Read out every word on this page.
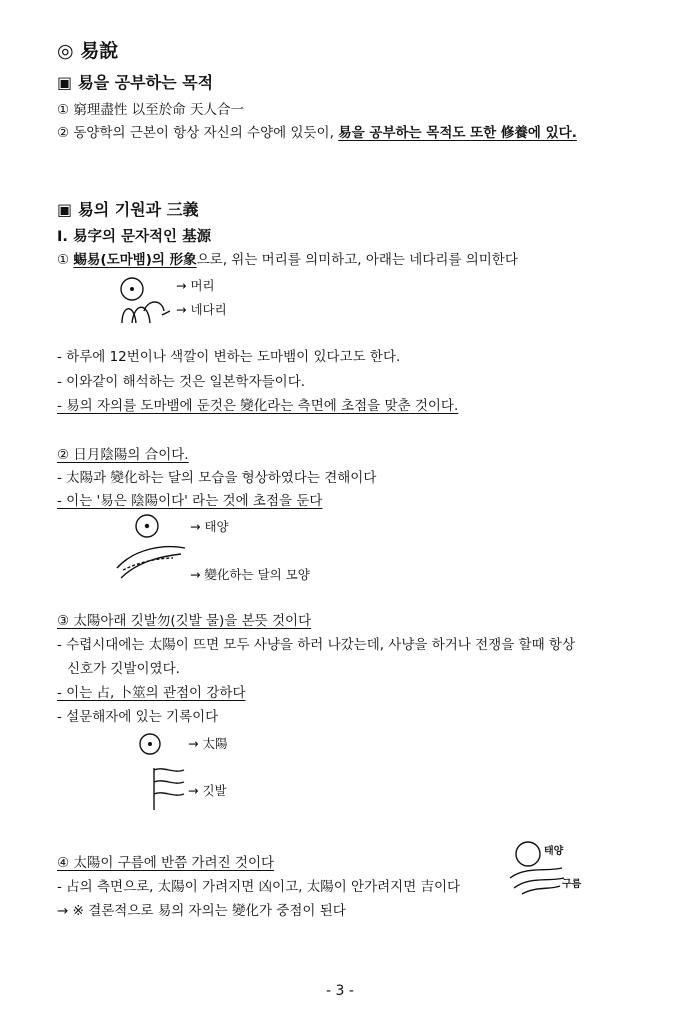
◎ 易說
▣ 易을 공부하는 목적
① 窮理盡性 以至於命 天人合一
② 동양학의 근본이 항상 자신의 수양에 있듯이, 易을 공부하는 목적도 또한 修養에 있다.
▣ 易의 기원과 三義
Ⅰ. 易字의 문자적인 基源
① 蜴易(도마뱀)의 形象으로, 위는 머리를 의미하고, 아래는 네다리를 의미한다
→ 머리
→ 네다리
- 하루에 12번이나 색깔이 변하는 도마뱀이 있다고도 한다.
- 이와같이 해석하는 것은 일본학자들이다.
- 易의 자의를 도마뱀에 둔것은 變化라는 측면에 초점을 맞춘 것이다.
② 日月陰陽의 合이다.
- 太陽과 變化하는 달의 모습을 형상하였다는 견해이다
- 이는 '易은 陰陽이다' 라는 것에 초점을 둔다
→ 태양
→ 變化하는 달의 모양
③ 太陽아래 깃발勿(깃발 물)을 본뜻 것이다
- 수렵시대에는 太陽이 뜨면 모두 사냥을 하러 나갔는데, 사냥을 하거나 전쟁을 할때 항상
신호가 깃발이였다.
- 이는 占, 卜筮의 관점이 강하다
- 설문해자에 있는 기록이다
→ 太陽
→ 깃발
④ 太陽이 구름에 반쯤 가려진 것이다
- 占의 측면으로, 太陽이 가려지면 凶이고, 太陽이 안가려지면 吉이다
→ ※ 결론적으로 易의 자의는 變化가 중점이 된다
태양
구름
- 3 -
